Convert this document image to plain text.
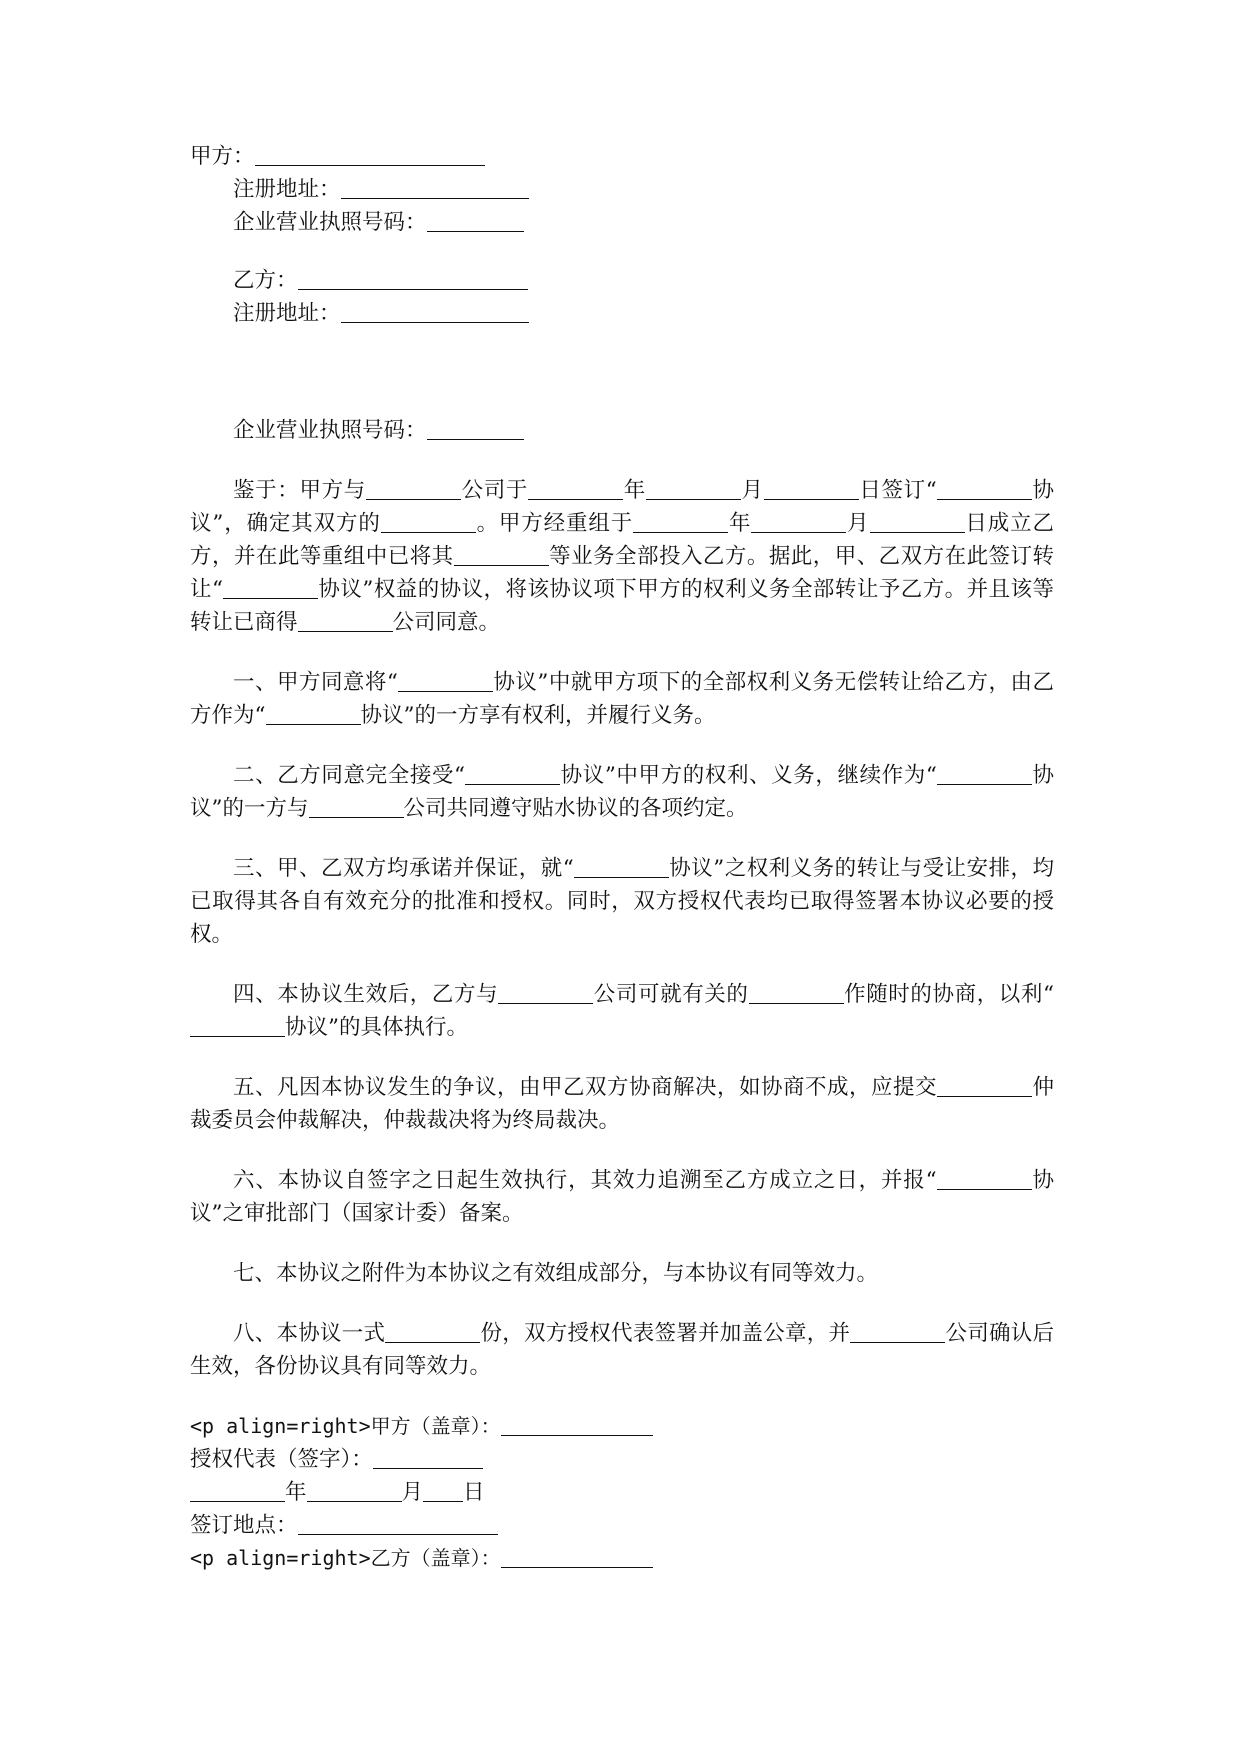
甲方：
注册地址：
企业营业执照号码：
乙方：
注册地址：
企业营业执照号码：

鉴于：甲方与	公司于	年	月	日签订“	协议”，确定其双方的	。甲方经重组于	年	月	日成立乙方，并在此等重组中已将其	等业务全部投入乙方。据此，甲、乙双方在此签订转让“	协议”权益的协议，将该协议项下甲方的权利义务全部转让予乙方。并且该等转让已商得	公司同意。

一、甲方同意将“	协议”中就甲方项下的全部权利义务无偿转让给乙方，由乙方作为“	协议”的一方享有权利，并履行义务。

二、乙方同意完全接受“	协议”中甲方的权利、义务，继续作为“	协议”的一方与	公司共同遵守贴水协议的各项约定。

三、甲、乙双方均承诺并保证，就“	协议”之权利义务的转让与受让安排，均已取得其各自有效充分的批准和授权。同时，双方授权代表均已取得签署本协议必要的授权。

四、本协议生效后，乙方与	公司可就有关的	作随时的协商，以利“协议”的具体执行。

五、凡因本协议发生的争议，由甲乙双方协商解决，如协商不成，应提交	仲裁委员会仲裁解决，仲裁裁决将为终局裁决。

六、本协议自签字之日起生效执行，其效力追溯至乙方成立之日，并报“	协议”之审批部门（国家计委）备案。

七、本协议之附件为本协议之有效组成部分，与本协议有同等效力。

八、本协议一式	份，双方授权代表签署并加盖公章，并	公司确认后生效，各份协议具有同等效力。

<p align=right>甲方（盖章）：
授权代表（签字）：
年	月 日
签订地点：
<p align=right>乙方（盖章）：
